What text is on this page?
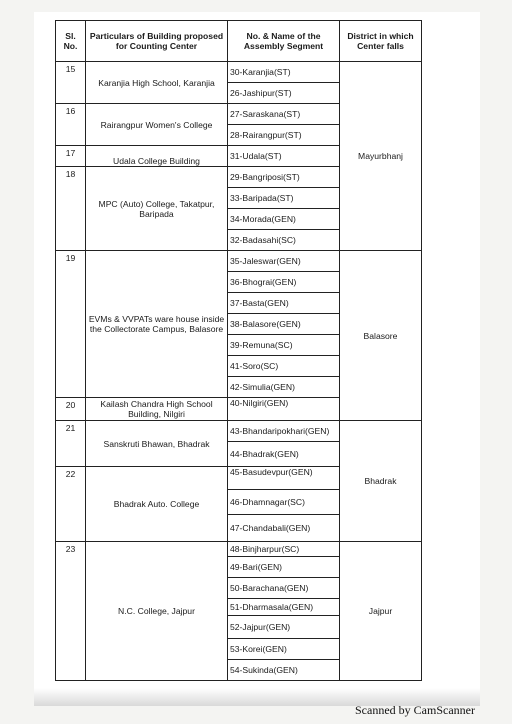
Sl. No.	Particulars of Building proposed for Counting Center	No. & Name of the Assembly Segment	District in which Center falls
15	Karanjia High School, Karanjia	30-Karanjia(ST)	Mayurbhanj
		26-Jashipur(ST)	
16	Rairangpur Women's College	27-Saraskana(ST)	
		28-Rairangpur(ST)	
17	Udala College Building	31-Udala(ST)	
18	MPC (Auto) College, Takatpur, Baripada	29-Bangriposi(ST)	
		33-Baripada(ST)	
		34-Morada(GEN)	
		32-Badasahi(SC)	
19	EVMs & VVPATs ware house inside the Collectorate Campus, Balasore	35-Jaleswar(GEN)	Balasore
		36-Bhograi(GEN)	
		37-Basta(GEN)	
		38-Balasore(GEN)	
		39-Remuna(SC)	
		41-Soro(SC)	
		42-Simulia(GEN)	
20	Kailash Chandra High School Building, Nilgiri	40-Nilgiri(GEN)	
21	Sanskruti Bhawan, Bhadrak	43-Bhandaripokhari(GEN)	Bhadrak
		44-Bhadrak(GEN)	
22	Bhadrak Auto. College	45-Basudevpur(GEN)	
		46-Dhamnagar(SC)	
		47-Chandabali(GEN)	
23	N.C. College, Jajpur	48-Binjharpur(SC)	Jajpur
		49-Bari(GEN)	
		50-Barachana(GEN)	
		51-Dharmasala(GEN)	
		52-Jajpur(GEN)	
		53-Korei(GEN)	
		54-Sukinda(GEN)	
Scanned by CamScanner
